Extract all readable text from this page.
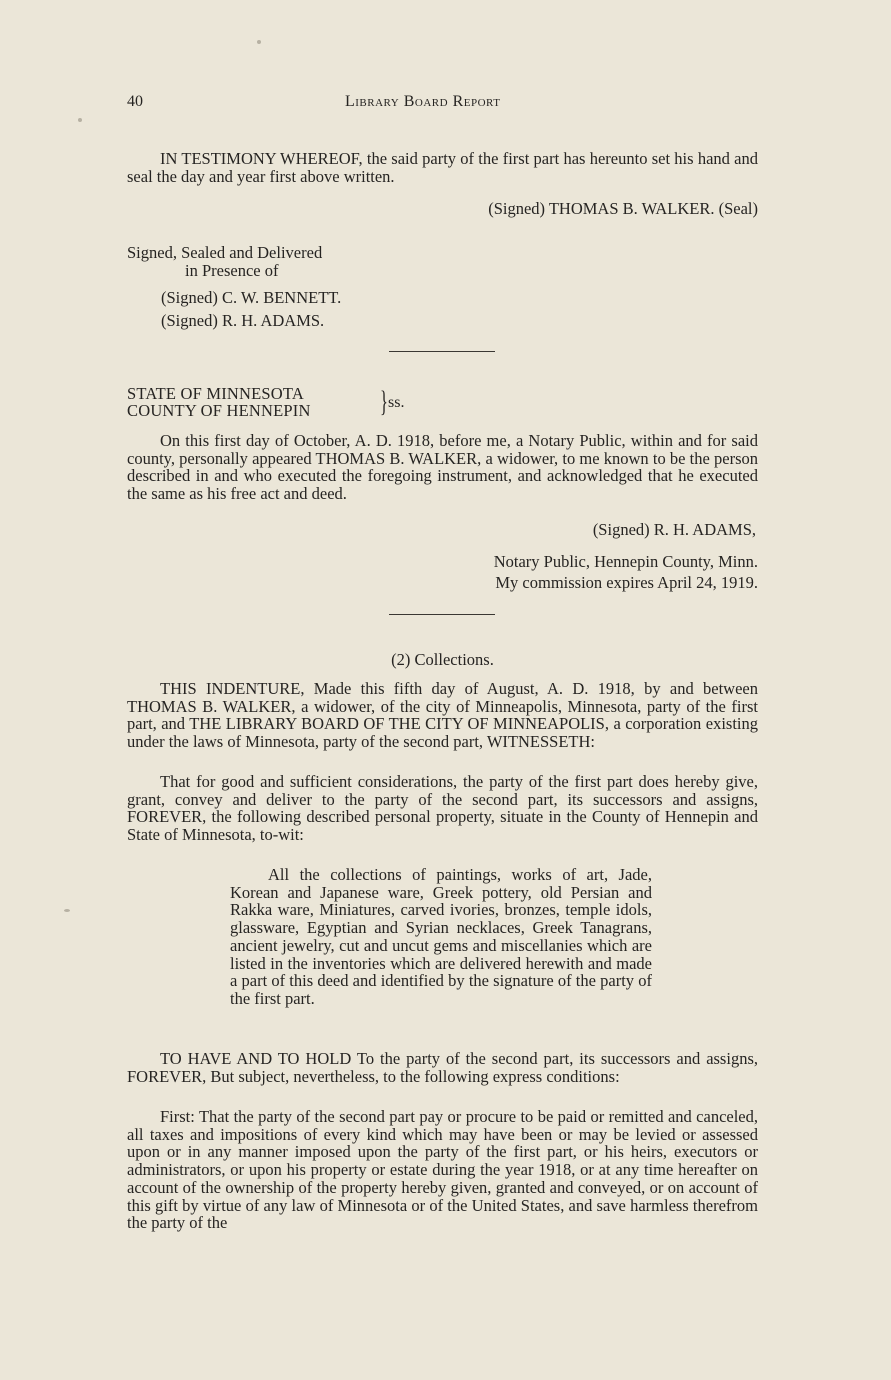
40	Library Board Report
IN TESTIMONY WHEREOF, the said party of the first part has hereunto set his hand and seal the day and year first above written.
(Signed) THOMAS B. WALKER. (Seal)
Signed, Sealed and Delivered
in Presence of
(Signed) C. W. BENNETT.
(Signed) R. H. ADAMS.
STATE OF MINNESOTA
COUNTY OF HENNEPIN } ss.
On this first day of October, A. D. 1918, before me, a Notary Public, within and for said county, personally appeared THOMAS B. WALKER, a widower, to me known to be the person described in and who executed the foregoing instrument, and acknowledged that he executed the same as his free act and deed.
(Signed) R. H. ADAMS,
Notary Public, Hennepin County, Minn.
My commission expires April 24, 1919.
(2) Collections.
THIS INDENTURE, Made this fifth day of August, A. D. 1918, by and between THOMAS B. WALKER, a widower, of the city of Minneapolis, Minnesota, party of the first part, and THE LIBRARY BOARD OF THE CITY OF MINNEAPOLIS, a corporation existing under the laws of Minnesota, party of the second part, WITNESSETH:
That for good and sufficient considerations, the party of the first part does hereby give, grant, convey and deliver to the party of the second part, its successors and assigns, FOREVER, the following described personal property, situate in the County of Hennepin and State of Minnesota, to-wit:
All the collections of paintings, works of art, Jade, Korean and Japanese ware, Greek pottery, old Persian and Rakka ware, Miniatures, carved ivories, bronzes, temple idols, glassware, Egyptian and Syrian necklaces, Greek Tanagrans, ancient jewelry, cut and uncut gems and miscellanies which are listed in the inventories which are delivered herewith and made a part of this deed and identified by the signature of the party of the first part.
TO HAVE AND TO HOLD To the party of the second part, its successors and assigns, FOREVER, But subject, nevertheless, to the following express conditions:
First: That the party of the second part pay or procure to be paid or remitted and canceled, all taxes and impositions of every kind which may have been or may be levied or assessed upon or in any manner imposed upon the party of the first part, or his heirs, executors or administrators, or upon his property or estate during the year 1918, or at any time hereafter on account of the ownership of the property hereby given, granted and conveyed, or on account of this gift by virtue of any law of Minnesota or of the United States, and save harmless therefrom the party of the
